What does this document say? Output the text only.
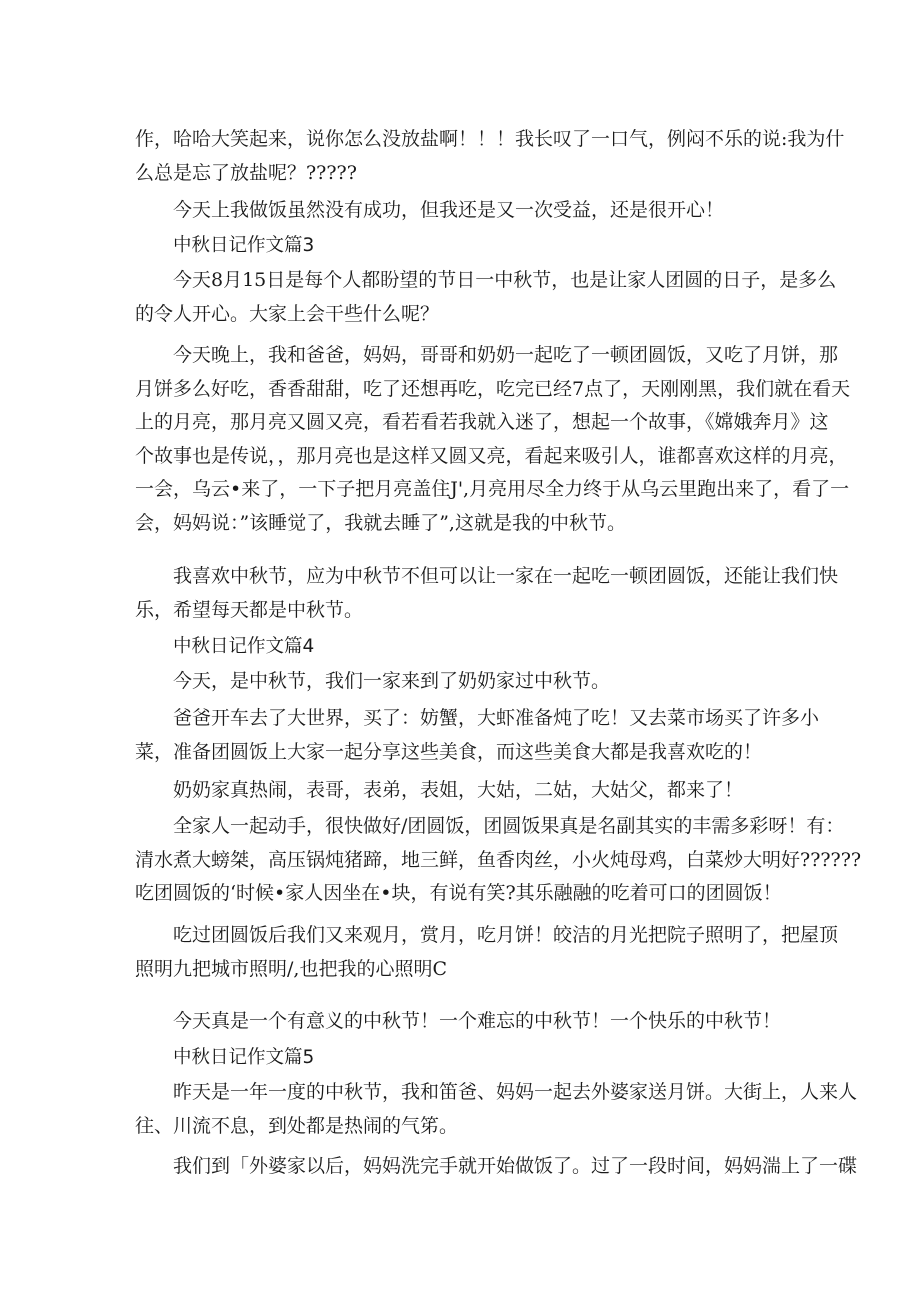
作，哈哈大笑起来，说你怎么没放盐啊！！！我长叹了一口气，例闷不乐的说:我为什
么总是忘了放盐呢？?????

今天上我做饭虽然没有成功，但我还是又一次受益，还是很开心！

中秋日记作文篇3

今天8月15日是每个人都盼望的节日一中秋节，也是让家人团圆的日子，是多么
的令人开心。大家上会干些什么呢？

今天晚上，我和爸爸，妈妈，哥哥和奶奶一起吃了一顿团圆饭，又吃了月饼，那
月饼多么好吃，香香甜甜，吃了还想再吃，吃完已经7点了，天刚刚黑，我们就在看天
上的月亮，那月亮又圆又亮，看若看若我就入迷了，想起一个故事，《嫦娥奔月》这
个故事也是传说，，那月亮也是这样又圆又亮，看起来吸引人，谁都喜欢这样的月亮，
一会，乌云•来了，一下子把月亮盖住J',月亮用尽全力终于从乌云里跑出来了，看了一
会，妈妈说：”该睡觉了，我就去睡了”,这就是我的中秋节。

我喜欢中秋节，应为中秋节不但可以让一家在一起吃一顿团圆饭，还能让我们快
乐，希望每天都是中秋节。

中秋日记作文篇4

今天，是中秋节，我们一家来到了奶奶家过中秋节。

爸爸开车去了大世界，买了：妨蟹，大虾准备炖了吃！又去菜市场买了许多小
菜，准备团圆饭上大家一起分享这些美食，而这些美食大都是我喜欢吃的！

奶奶家真热闹，表哥，表弟，表姐，大姑，二姑，大姑父，都来了！

全家人一起动手，很快做好/团圆饭，团圆饭果真是名副其实的丰需多彩呀！有：
清水煮大螃桀，高压锅炖猪蹄，地三鲜，鱼香肉丝，小火炖母鸡，白菜炒大明好??????
吃团圆饭的‘时候•家人因坐在•块，有说有笑?其乐融融的吃着可口的团圆饭！

吃过团圆饭后我们又来观月，赏月，吃月饼！皎洁的月光把院子照明了，把屋顶
照明九把城市照明/,也把我的心照明C

今天真是一个有意义的中秋节！一个难忘的中秋节！一个快乐的中秋节！

中秋日记作文篇5

昨天是一年一度的中秋节，我和笛爸、妈妈一起去外婆家送月饼。大街上，人来人
往、川流不息，到处都是热闹的气笫。

我们到「外婆家以后，妈妈洗完手就开始做饭了。过了一段时间，妈妈湍上了一碟
